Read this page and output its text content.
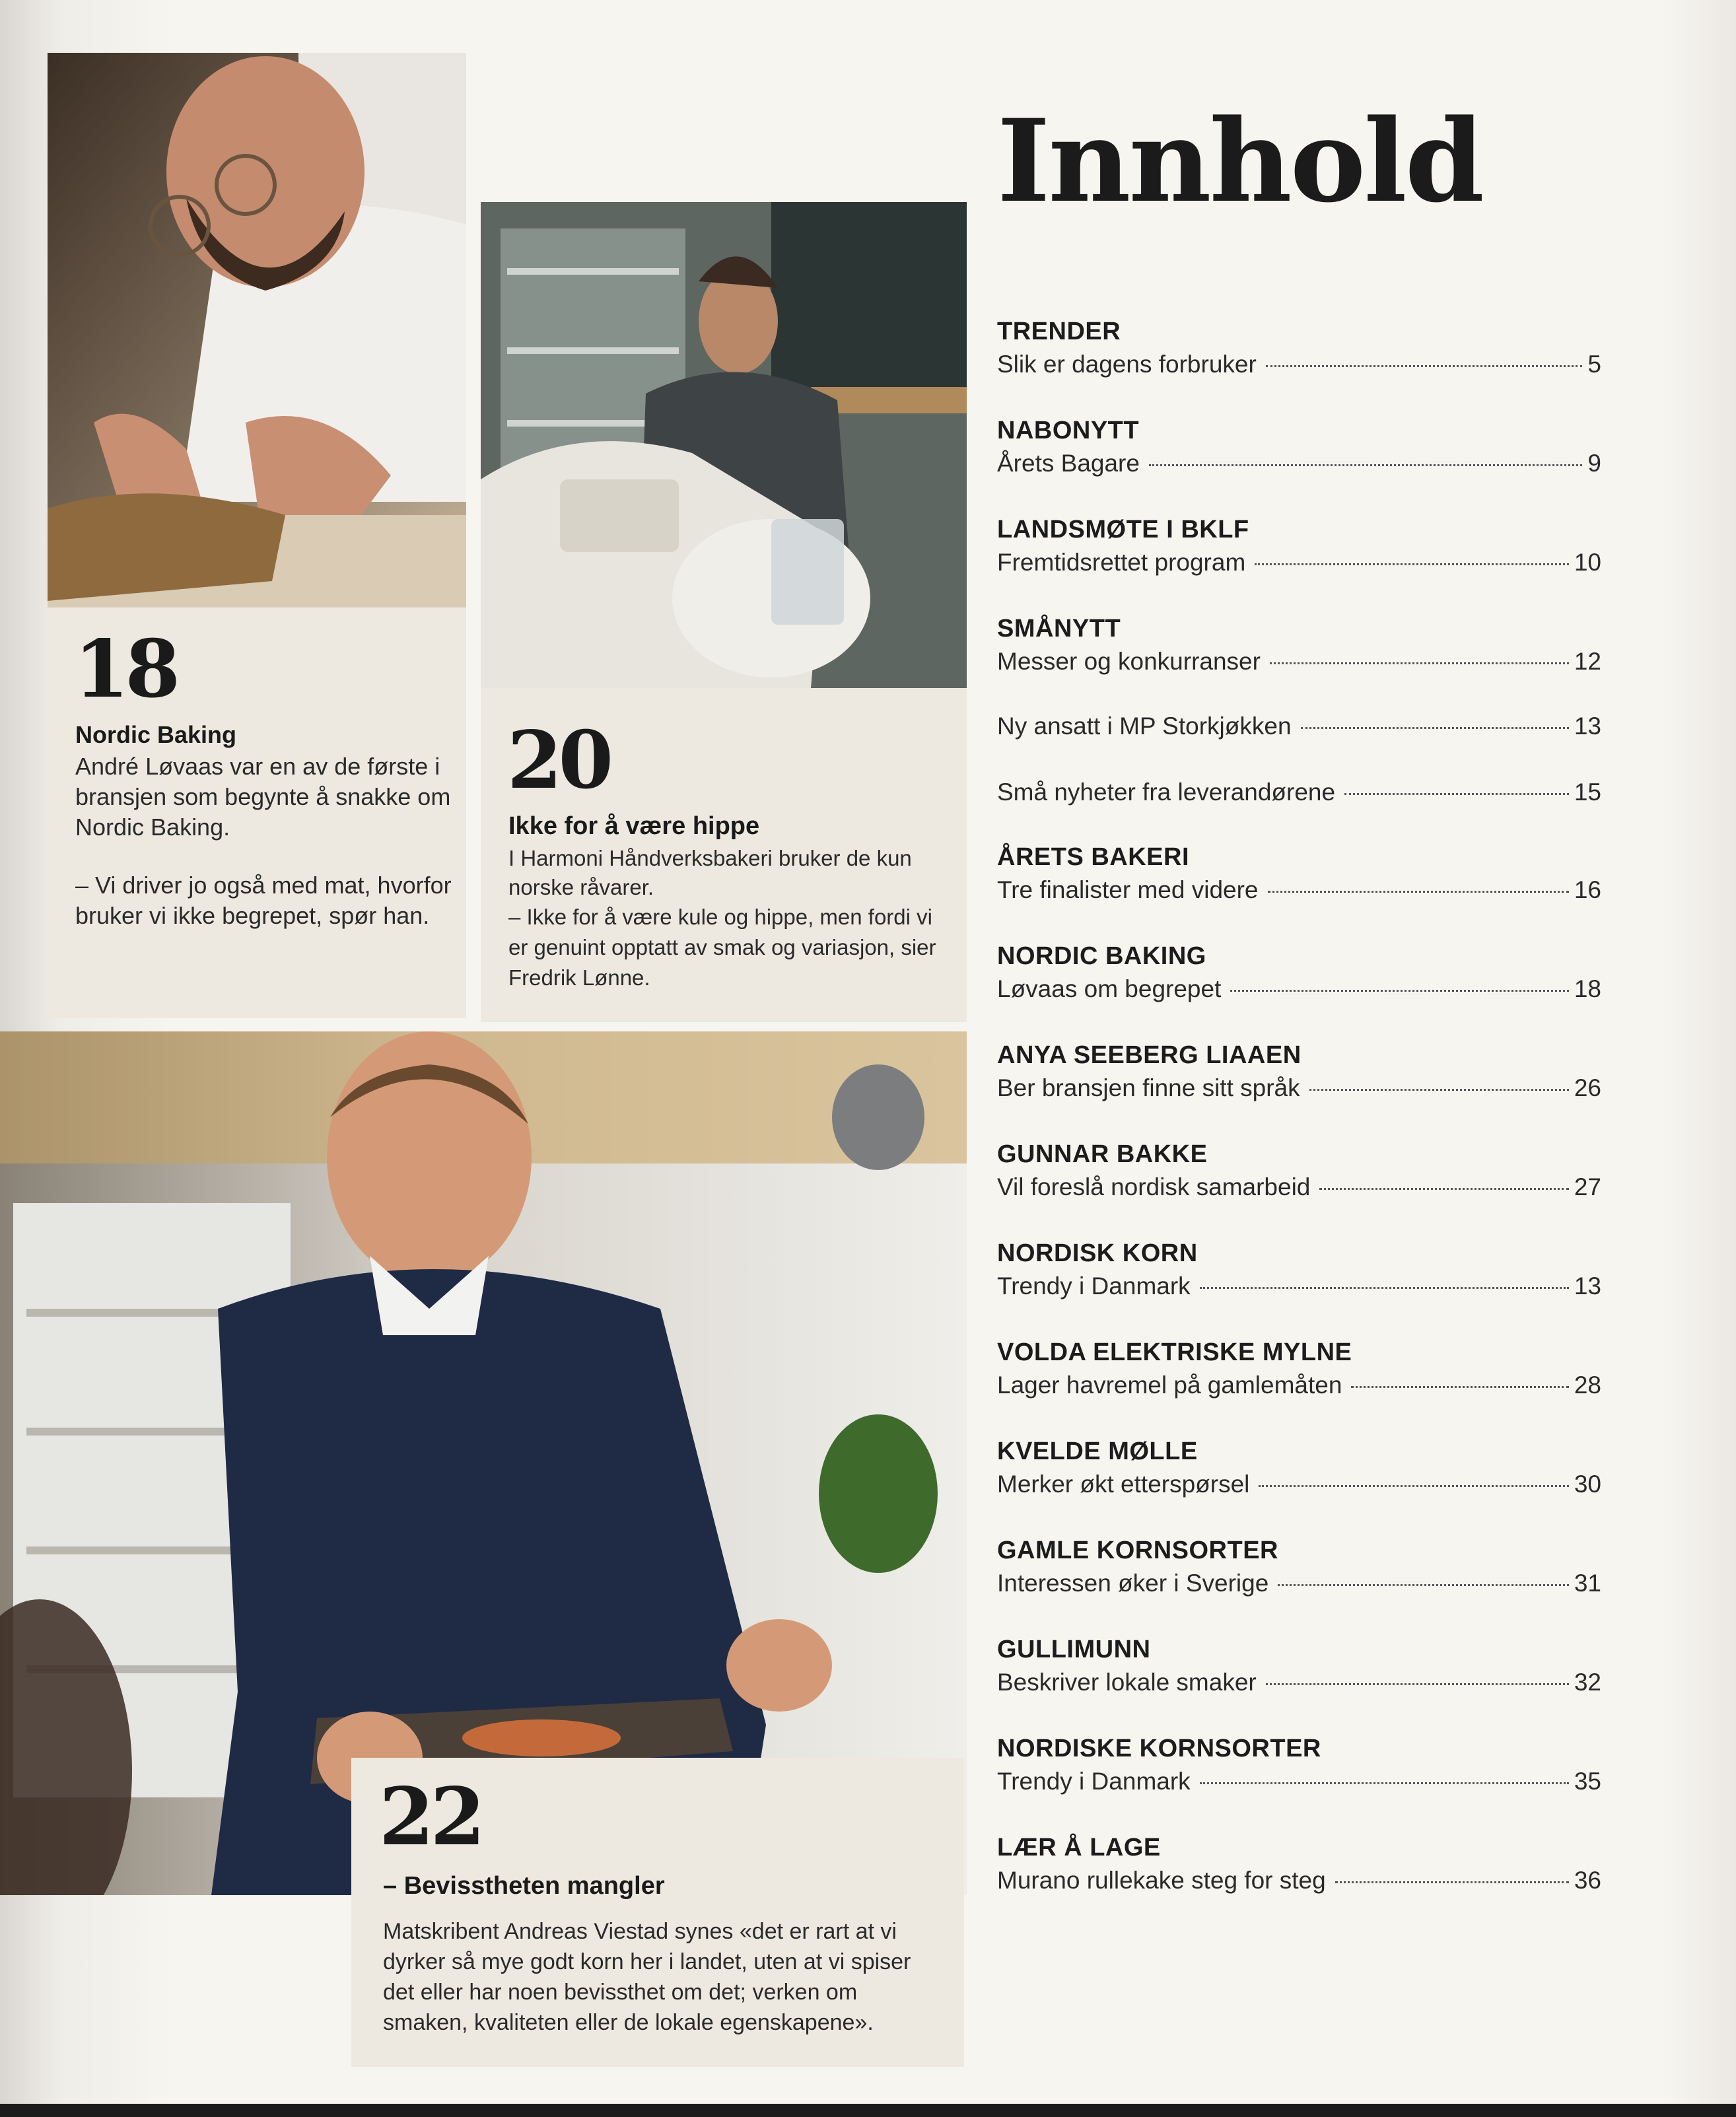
18
Nordic Baking

André Løvaas var en av de første i bransjen som begynte å snakke om Nordic Baking.

– Vi driver jo også med mat, hvorfor bruker vi ikke begrepet, spør han.

20
Ikke for å være hippe

I Harmoni Håndverksbakeri bruker de kun norske råvarer.

– Ikke for å være kule og hippe, men fordi vi er genuint opptatt av smak og variasjon, sier Fredrik Lønne.

22
– Bevisstheten mangler

Matskribent Andreas Viestad synes «det er rart at vi dyrker så mye godt korn her i landet, uten at vi spiser det eller har noen bevissthet om det; verken om smaken, kvaliteten eller de lokale egenskapene».

Innhold
TRENDER
Slik er dagens forbruker	5
NABONYTT
Årets Bagare	9
LANDSMØTE I BKLF
Fremtidsrettet program	10
SMÅNYTT
Messer og konkurranser	12
Ny ansatt i MP Storkjøkken	13
Små nyheter fra leverandørene	15
ÅRETS BAKERI
Tre finalister med videre	16
NORDIC BAKING
Løvaas om begrepet	18
ANYA SEEBERG LIAAEN
Ber bransjen finne sitt språk	26
GUNNAR BAKKE
Vil foreslå nordisk samarbeid	27
NORDISK KORN
Trendy i Danmark	13
VOLDA ELEKTRISKE MYLNE
Lager havremel på gamlemåten	28
KVELDE MØLLE
Merker økt etterspørsel	30
GAMLE KORNSORTER
Interessen øker i Sverige	31
GULLIMUNN
Beskriver lokale smaker	32
NORDISKE KORNSORTER
Trendy i Danmark	35
LÆR Å LAGE
Murano rullekake steg for steg	36
